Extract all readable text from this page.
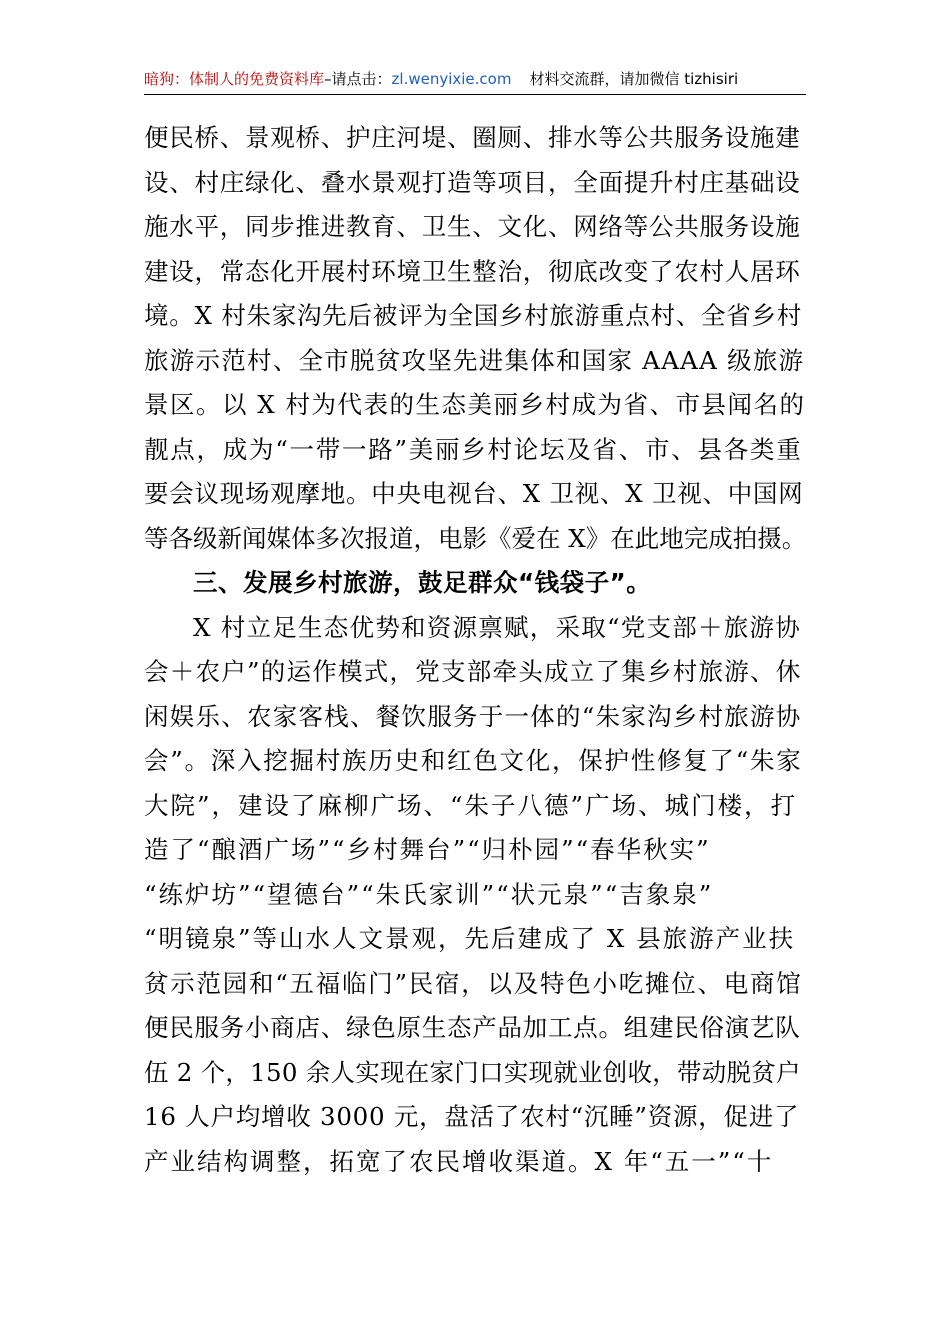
暗狗：体制人的免费资料库–请点击：zl.wenyixie.com 材料交流群，请加微信 tizhisiri
便民桥、景观桥、护庄河堤、圈厕、排水等公共服务设施建
设、村庄绿化、叠水景观打造等项目，全面提升村庄基础设
施水平，同步推进教育、卫生、文化、网络等公共服务设施
建设，常态化开展村环境卫生整治，彻底改变了农村人居环
境。X 村朱家沟先后被评为全国乡村旅游重点村、全省乡村
旅游示范村、全市脱贫攻坚先进集体和国家 AAAA 级旅游
景区。以 X 村为代表的生态美丽乡村成为省、市县闻名的
靓点，成为“一带一路”美丽乡村论坛及省、市、县各类重
要会议现场观摩地。中央电视台、X 卫视、X 卫视、中国网
等各级新闻媒体多次报道，电影《爱在 X》在此地完成拍摄。
三、发展乡村旅游，鼓足群众“钱袋子”。
X 村立足生态优势和资源禀赋，采取“党支部＋旅游协
会＋农户”的运作模式，党支部牵头成立了集乡村旅游、休
闲娱乐、农家客栈、餐饮服务于一体的“朱家沟乡村旅游协
会”。深入挖掘村族历史和红色文化，保护性修复了“朱家
大院”，建设了麻柳广场、“朱子八德”广场、城门楼，打
造了“酿酒广场”“乡村舞台”“归朴园”“春华秋实”
“练炉坊”“望德台”“朱氏家训”“状元泉”“吉象泉”
“明镜泉”等山水人文景观，先后建成了 X 县旅游产业扶
贫示范园和“五福临门”民宿，以及特色小吃摊位、电商馆
便民服务小商店、绿色原生态产品加工点。组建民俗演艺队
伍 2 个，150 余人实现在家门口实现就业创收，带动脱贫户
16 人户均增收 3000 元，盘活了农村“沉睡”资源，促进了
产业结构调整，拓宽了农民增收渠道。X 年“五一”“十
